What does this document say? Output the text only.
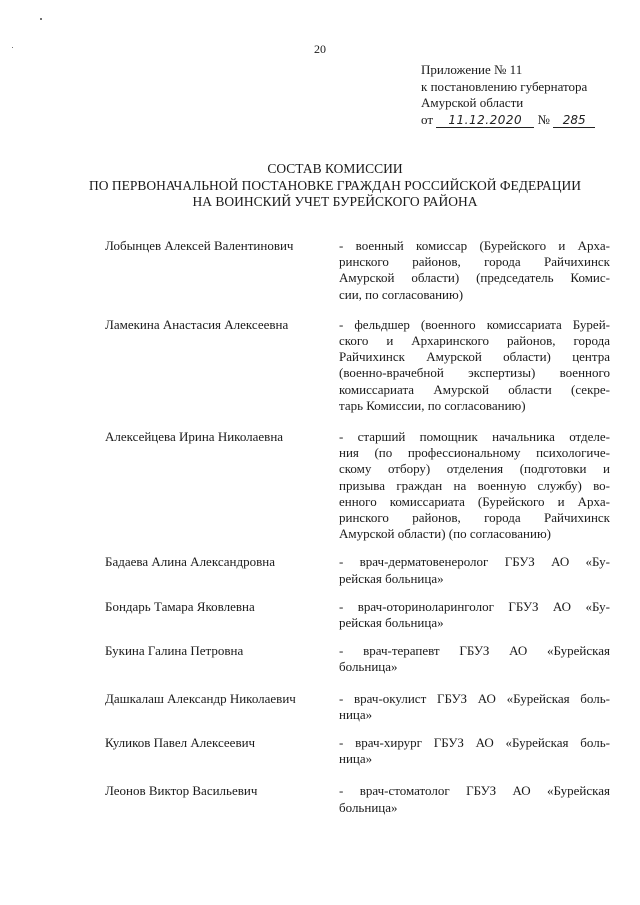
20
Приложение № 11
к постановлению губернатора
Амурской области
от 11.12.2020 № 285
СОСТАВ КОМИССИИ
ПО ПЕРВОНАЧАЛЬНОЙ ПОСТАНОВКЕ ГРАЖДАН РОССИЙСКОЙ ФЕДЕРАЦИИ
НА ВОИНСКИЙ УЧЕТ БУРЕЙСКОГО РАЙОНА
Лобынцев Алексей Валентинович	- военный комиссар (Бурейского и Арха-
ринского районов, города Райчихинск
Амурской области) (председатель Комис-
сии, по согласованию)
Ламекина Анастасия Алексеевна	- фельдшер (военного комиссариата Бурей-
ского и Архаринского районов, города
Райчихинск Амурской области) центра
(военно-врачебной экспертизы) военного
комиссариата Амурской области (секре-
тарь Комиссии, по согласованию)
Алексейцева Ирина Николаевна	- старший помощник начальника отделе-
ния (по профессиональному психологиче-
скому отбору) отделения (подготовки и
призыва граждан на военную службу) во-
енного комиссариата (Бурейского и Арха-
ринского районов, города Райчихинск
Амурской области) (по согласованию)
Бадаева Алина Александровна	- врач-дерматовенеролог ГБУЗ АО «Бу-
рейская больница»
Бондарь Тамара Яковлевна	- врач-оториноларинголог ГБУЗ АО «Бу-
рейская больница»
Букина Галина Петровна	- врач-терапевт ГБУЗ АО «Бурейская
больница»
Дашкалаш Александр Николаевич	- врач-окулист ГБУЗ АО «Бурейская боль-
ница»
Куликов Павел Алексеевич	- врач-хирург ГБУЗ АО «Бурейская боль-
ница»
Леонов Виктор Васильевич	- врач-стоматолог ГБУЗ АО «Бурейская
больница»
